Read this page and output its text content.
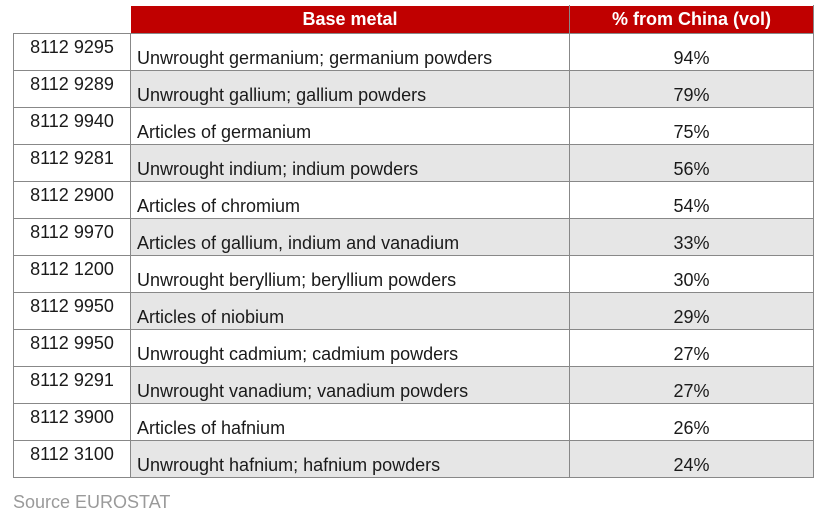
	Base metal	% from China (vol)
8112 9295	Unwrought germanium; germanium powders	94%
8112 9289	Unwrought gallium; gallium powders	79%
8112 9940	Articles of germanium	75%
8112 9281	Unwrought indium; indium powders	56%
8112 2900	Articles of chromium	54%
8112 9970	Articles of gallium, indium and vanadium	33%
8112 1200	Unwrought beryllium; beryllium powders	30%
8112 9950	Articles of niobium	29%
8112 9950	Unwrought cadmium; cadmium powders	27%
8112 9291	Unwrought vanadium; vanadium powders	27%
8112 3900	Articles of hafnium	26%
8112 3100	Unwrought hafnium; hafnium powders	24%
Source EUROSTAT
